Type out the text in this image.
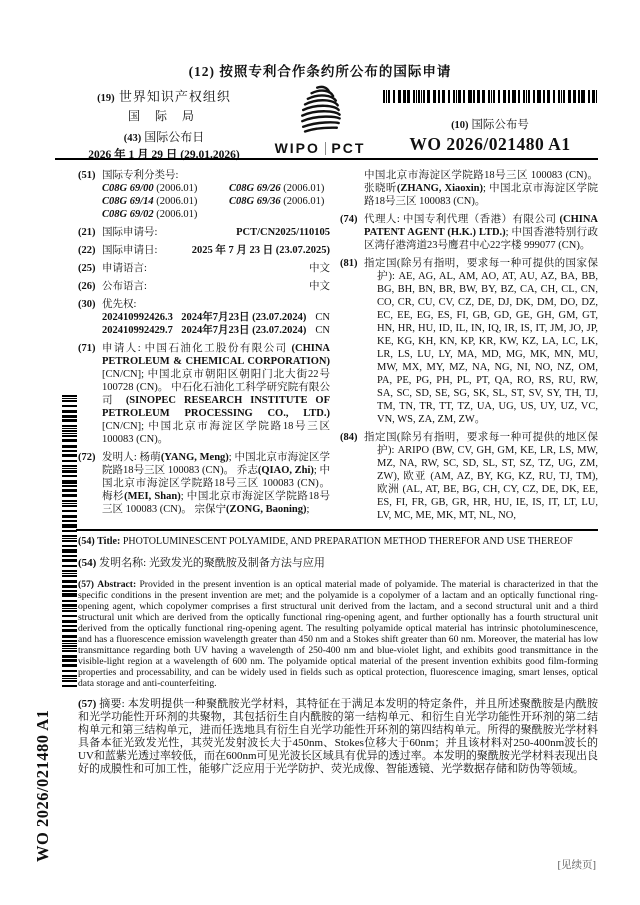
(12) 按照专利合作条约所公布的国际申请
(19) 世界知识产权组织
国 际 局
(43) 国际公布日
2026 年 1 月 29 日 (29.01.2026)	WIPO PCT
(10) 国际公布号
WO 2026/021480 A1
(51) 国际专利分类号:
C08G 69/00 (2006.01)	C08G 69/26 (2006.01)
C08G 69/14 (2006.01)	C08G 69/36 (2006.01)
C08G 69/02 (2006.01)
(21) 国际申请号:	PCT/CN2025/110105
(22) 国际申请日:	2025 年 7 月 23 日 (23.07.2025)
(25) 申请语言:	中文
(26) 公布语言:	中文
(30) 优先权:
202410992426.3 2024年7月23日 (23.07.2024) CN
202410992429.7 2024年7月23日 (23.07.2024) CN
(71) 申请人: 中国石油化工股份有限公司 (CHINA PETROLEUM & CHEMICAL CORPORATION) [CN/CN]; 中国北京市朝阳区朝阳门北大街22号 100728 (CN)。 中石化石油化工科学研究院有限公司 (SINOPEC RESEARCH INSTITUTE OF PETROLEUM PROCESSING CO., LTD.) [CN/CN]; 中国北京市海淀区学院路18号三区 100083 (CN)。
(72) 发明人: 杨萌(YANG, Meng); 中国北京市海淀区学院路18号三区 100083 (CN)。 乔志(QIAO, Zhi); 中国北京市海淀区学院路18号三区 100083 (CN)。 梅杉(MEI, Shan); 中国北京市海淀区学院路18号三区 100083 (CN)。 宗保宁(ZONG, Baoning);
中国北京市海淀区学院路18号三区 100083 (CN)。 张晓昕(ZHANG, Xiaoxin); 中国北京市海淀区学院路18号三区 100083 (CN)。
(74) 代理人: 中国专利代理（香港）有限公司 (CHINA PATENT AGENT (H.K.) LTD.); 中国香港特别行政区湾仔港湾道23号鹰君中心22字楼 999077 (CN)。
(81) 指定国(除另有指明，要求每一种可提供的国家保护): AE, AG, AL, AM, AO, AT, AU, AZ, BA, BB, BG, BH, BN, BR, BW, BY, BZ, CA, CH, CL, CN, CO, CR, CU, CV, CZ, DE, DJ, DK, DM, DO, DZ, EC, EE, EG, ES, FI, GB, GD, GE, GH, GM, GT, HN, HR, HU, ID, IL, IN, IQ, IR, IS, IT, JM, JO, JP, KE, KG, KH, KN, KP, KR, KW, KZ, LA, LC, LK, LR, LS, LU, LY, MA, MD, MG, MK, MN, MU, MW, MX, MY, MZ, NA, NG, NI, NO, NZ, OM, PA, PE, PG, PH, PL, PT, QA, RO, RS, RU, RW, SA, SC, SD, SE, SG, SK, SL, ST, SV, SY, TH, TJ, TM, TN, TR, TT, TZ, UA, UG, US, UY, UZ, VC, VN, WS, ZA, ZM, ZW。
(84) 指定国(除另有指明，要求每一种可提供的地区保护): ARIPO (BW, CV, GH, GM, KE, LR, LS, MW, MZ, NA, RW, SC, SD, SL, ST, SZ, TZ, UG, ZM, ZW), 欧亚 (AM, AZ, BY, KG, KZ, RU, TJ, TM), 欧洲 (AL, AT, BE, BG, CH, CY, CZ, DE, DK, EE, ES, FI, FR, GB, GR, HR, HU, IE, IS, IT, LT, LU, LV, MC, ME, MK, MT, NL, NO,

(54) Title: PHOTOLUMINESCENT POLYAMIDE, AND PREPARATION METHOD THEREFOR AND USE THEREOF

(54) 发明名称: 光致发光的聚酰胺及制备方法与应用

(57) Abstract: Provided in the present invention is an optical material made of polyamide. The material is characterized in that the specific conditions in the present invention are met; and the polyamide is a copolymer of a lactam and an optically functional ring-opening agent, which copolymer comprises a first structural unit derived from the lactam, and a second structural unit and a third structural unit which are derived from the optically functional ring-opening agent, and further optionally has a fourth structural unit derived from the optically functional ring-opening agent. The resulting polyamide optical material has intrinsic photoluminescence, and has a fluorescence emission wavelength greater than 450 nm and a Stokes shift greater than 60 nm. Moreover, the material has low transmittance regarding both UV having a wavelength of 250-400 nm and blue-violet light, and exhibits good transmittance in the visible-light region at a wavelength of 600 nm. The polyamide optical material of the present invention exhibits good film-forming properties and processability, and can be widely used in fields such as optical protection, fluorescence imaging, smart lenses, optical data storage and anti-counterfeiting.

(57) 摘要: 本发明提供一种聚酰胺光学材料，其特征在于满足本发明的特定条件，并且所述聚酰胺是内酰胺和光学功能性开环剂的共聚物，其包括衍生自内酰胺的第一结构单元、和衍生自光学功能性开环剂的第二结构单元和第三结构单元，进而任选地具有衍生自光学功能性开环剂的第四结构单元。所得的聚酰胺光学材料具备本征光致发光性，其荧光发射波长大于450nm、Stokes位移大于60nm；并且该材料对250-400nm波长的UV和蓝紫光透过率较低，而在600nm可见光波长区域具有优异的透过率。本发明的聚酰胺光学材料表现出良好的成膜性和可加工性，能够广泛应用于光学防护、荧光成像、智能透镜、光学数据存储和防伪等领域。

WO 2026/021480 A1
[见续页]
